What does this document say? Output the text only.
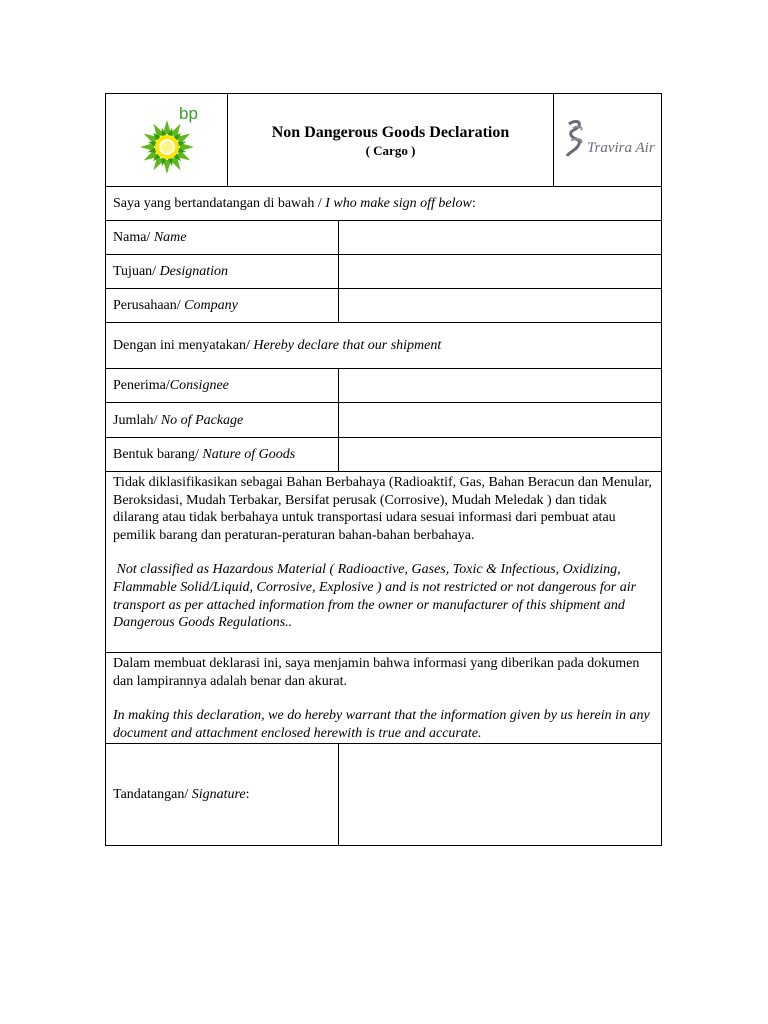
bp
Non Dangerous Goods Declaration
( Cargo )	Travira Air
Saya yang bertandatangan di bawah / I who make sign off below :
Nama/ Name
Tujuan/ Designation
Perusahaan/ Company
Dengan ini menyatakan/ Hereby declare that our shipment
Penerima/ Consignee
Jumlah/ No of Package
Bentuk barang/ Nature of Goods

Tidak diklasifikasikan sebagai Bahan Berbahaya (Radioaktif, Gas, Bahan Beracun dan Menular, Beroksidasi, Mudah Terbakar, Bersifat perusak (Corrosive), Mudah Meledak ) dan tidak dilarang atau tidak berbahaya untuk transportasi udara sesuai informasi dari pembuat atau pemilik barang dan peraturan-peraturan bahan-bahan berbahaya.

Not classified as Hazardous Material ( Radioactive, Gases, Toxic & Infectious, Oxidizing, Flammable Solid/Liquid, Corrosive, Explosive ) and is not restricted or not dangerous for air transport as per attached information from the owner or manufacturer of this shipment and Dangerous Goods Regulations..

Dalam membuat deklarasi ini, saya menjamin bahwa informasi yang diberikan pada dokumen dan lampirannya adalah benar dan akurat.

In making this declaration, we do hereby warrant that the information given by us herein in any document and attachment enclosed herewith is true and accurate.

Tandatangan/ Signature :
